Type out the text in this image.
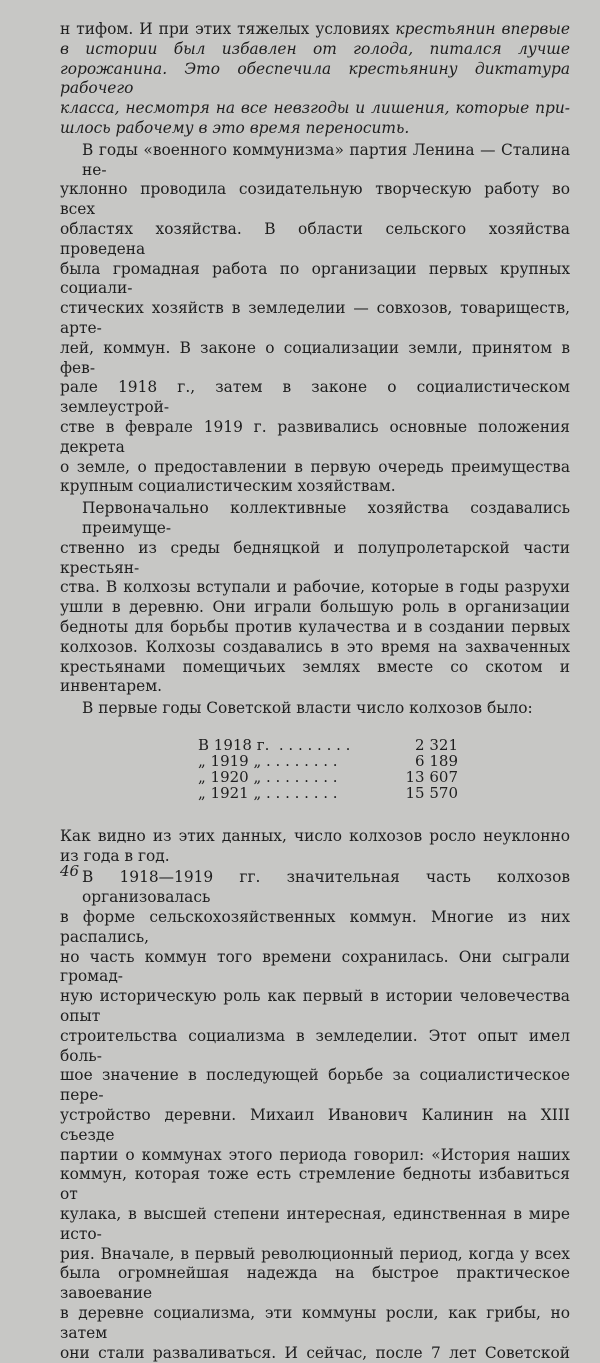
н тифом. И при этих тяжелых условиях крестьянин впервые
в истории был избавлен от голода, питался лучше
горожанина. Это обеспечила крестьянину диктатура рабочего
класса, несмотря на все невзгоды и лишения, которые при-
шлось рабочему в это время переносить.
В годы «военного коммунизма» партия Ленина — Сталина не-
уклонно проводила созидательную творческую работу во всех
областях хозяйства. В области сельского хозяйства проведена
была громадная работа по организации первых крупных социали-
стических хозяйств в земледелии — совхозов, товариществ, арте-
лей, коммун. В законе о социализации земли, принятом в фев-
рале 1918 г., затем в законе о социалистическом землеустрой-
стве в феврале 1919 г. развивались основные положения декрета
о земле, о предоставлении в первую очередь преимущества
крупным социалистическим хозяйствам.
Первоначально коллективные хозяйства создавались преимуще-
ственно из среды бедняцкой и полупролетарской части крестьян-
ства. В колхозы вступали и рабочие, которые в годы разрухи
ушли в деревню. Они играли большую роль в организации
бедноты для борьбы против кулачества и в создании первых
колхозов. Колхозы создавались в это время на захваченных
крестьянами помещичьих землях вместе со скотом и инвентарем.
В первые годы Советской власти число колхозов было:
В 1918 г.  . . . . . . . .	2 321
„ 1919 „ . . . . . . . .	6 189
„ 1920 „ . . . . . . . .	13 607
„ 1921 „ . . . . . . . .	15 570
Как видно из этих данных, число колхозов росло неуклонно
из года в год.
В 1918—1919 гг. значительная часть колхозов организовалась
в форме сельскохозяйственных коммун. Многие из них распались,
но часть коммун того времени сохранилась. Они сыграли громад-
ную историческую роль как первый в истории человечества опыт
строительства социализма в земледелии. Этот опыт имел боль-
шое значение в последующей борьбе за социалистическое пере-
устройство деревни. Михаил Иванович Калинин на XIII съезде
партии о коммунах этого периода говорил: «История наших
коммун, которая тоже есть стремление бедноты избавиться от
кулака, в высшей степени интересная, единственная в мире исто-
рия. Вначале, в первый революционный период, когда у всех
была огромнейшая надежда на быстрое практическое завоевание
в деревне социализма, эти коммуны росли, как грибы, но затем
они стали разваливаться. И сейчас, после 7 лет Советской
46
